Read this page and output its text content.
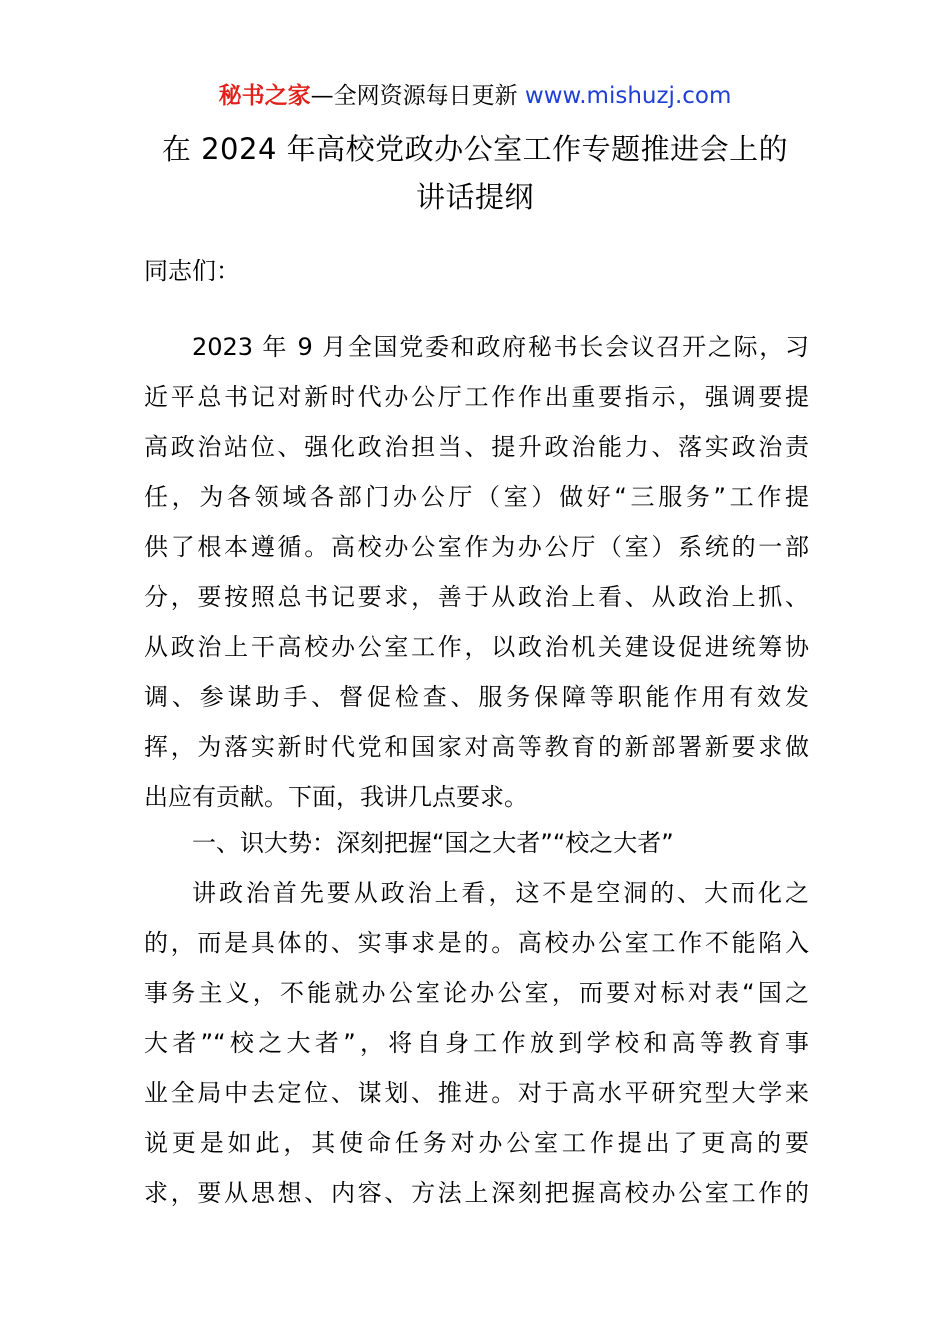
秘书之家—全网资源每日更新 www.mishuzj.com
在 2024 年高校党政办公室工作专题推进会上的
讲话提纲
同志们：
2023 年 9 月全国党委和政府秘书长会议召开之际，习
近平总书记对新时代办公厅工作作出重要指示，强调要提
高政治站位、强化政治担当、提升政治能力、落实政治责
任，为各领域各部门办公厅（室）做好“三服务”工作提
供了根本遵循。高校办公室作为办公厅（室）系统的一部
分，要按照总书记要求，善于从政治上看、从政治上抓、
从政治上干高校办公室工作，以政治机关建设促进统筹协
调、参谋助手、督促检查、服务保障等职能作用有效发
挥，为落实新时代党和国家对高等教育的新部署新要求做
出应有贡献。下面，我讲几点要求。
一、识大势：深刻把握“国之大者”“校之大者”
讲政治首先要从政治上看，这不是空洞的、大而化之
的，而是具体的、实事求是的。高校办公室工作不能陷入
事务主义，不能就办公室论办公室，而要对标对表“国之
大者”“校之大者”，将自身工作放到学校和高等教育事
业全局中去定位、谋划、推进。对于高水平研究型大学来
说更是如此，其使命任务对办公室工作提出了更高的要
求，要从思想、内容、方法上深刻把握高校办公室工作的
